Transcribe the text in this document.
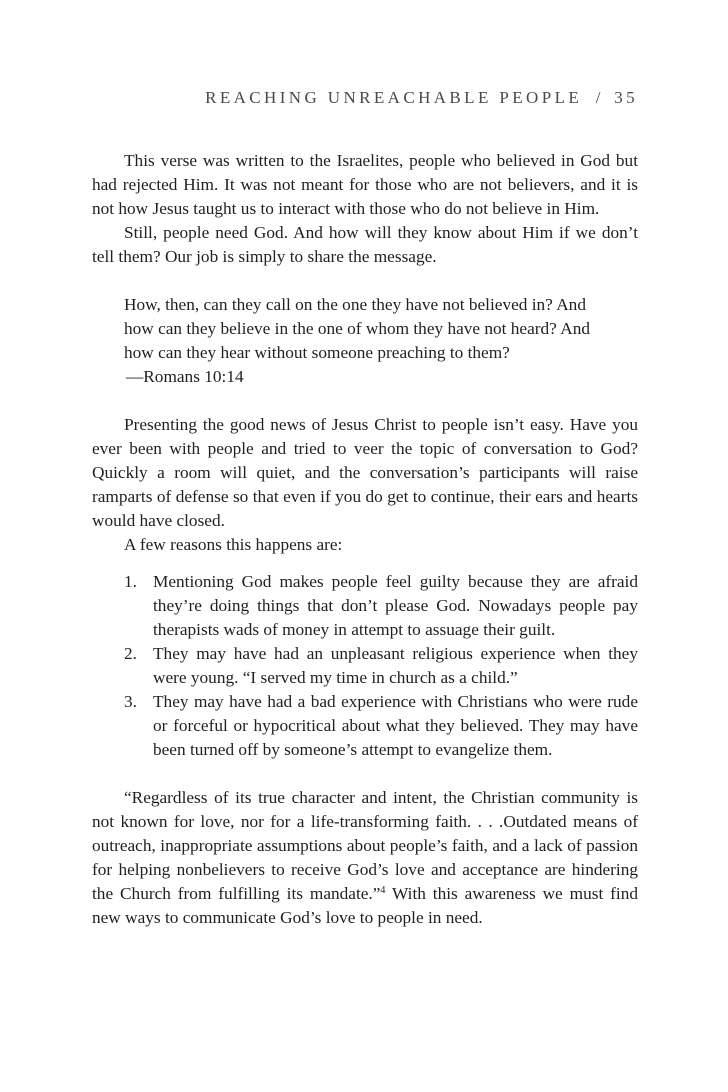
REACHING UNREACHABLE PEOPLE / 35

This verse was written to the Israelites, people who believed in God but had rejected Him. It was not meant for those who are not believers, and it is not how Jesus taught us to interact with those who do not believe in Him.

Still, people need God. And how will they know about Him if we don’t tell them? Our job is simply to share the message.

How, then, can they call on the one they have not believed in? And
how can they believe in the one of whom they have not heard? And
how can they hear without someone preaching to them?
—Romans 10:14

Presenting the good news of Jesus Christ to people isn’t easy. Have you ever been with people and tried to veer the topic of conversation to God? Quickly a room will quiet, and the conversation’s participants will raise ramparts of defense so that even if you do get to continue, their ears and hearts would have closed.

A few reasons this happens are:

1. Mentioning God makes people feel guilty because they are afraid they’re doing things that don’t please God. Nowadays people pay therapists wads of money in attempt to assuage their guilt.
2. They may have had an unpleasant religious experience when they were young. “I served my time in church as a child.”
3. They may have had a bad experience with Christians who were rude or forceful or hypocritical about what they believed. They may have been turned off by someone’s attempt to evangelize them.

“Regardless of its true character and intent, the Christian community is not known for love, nor for a life-transforming faith. . . .Outdated means of outreach, inappropriate assumptions about people’s faith, and a lack of passion for helping nonbelievers to receive God’s love and acceptance are hindering the Church from fulfilling its mandate.”$^4$ With this awareness we must find new ways to communicate God’s love to people in need.
